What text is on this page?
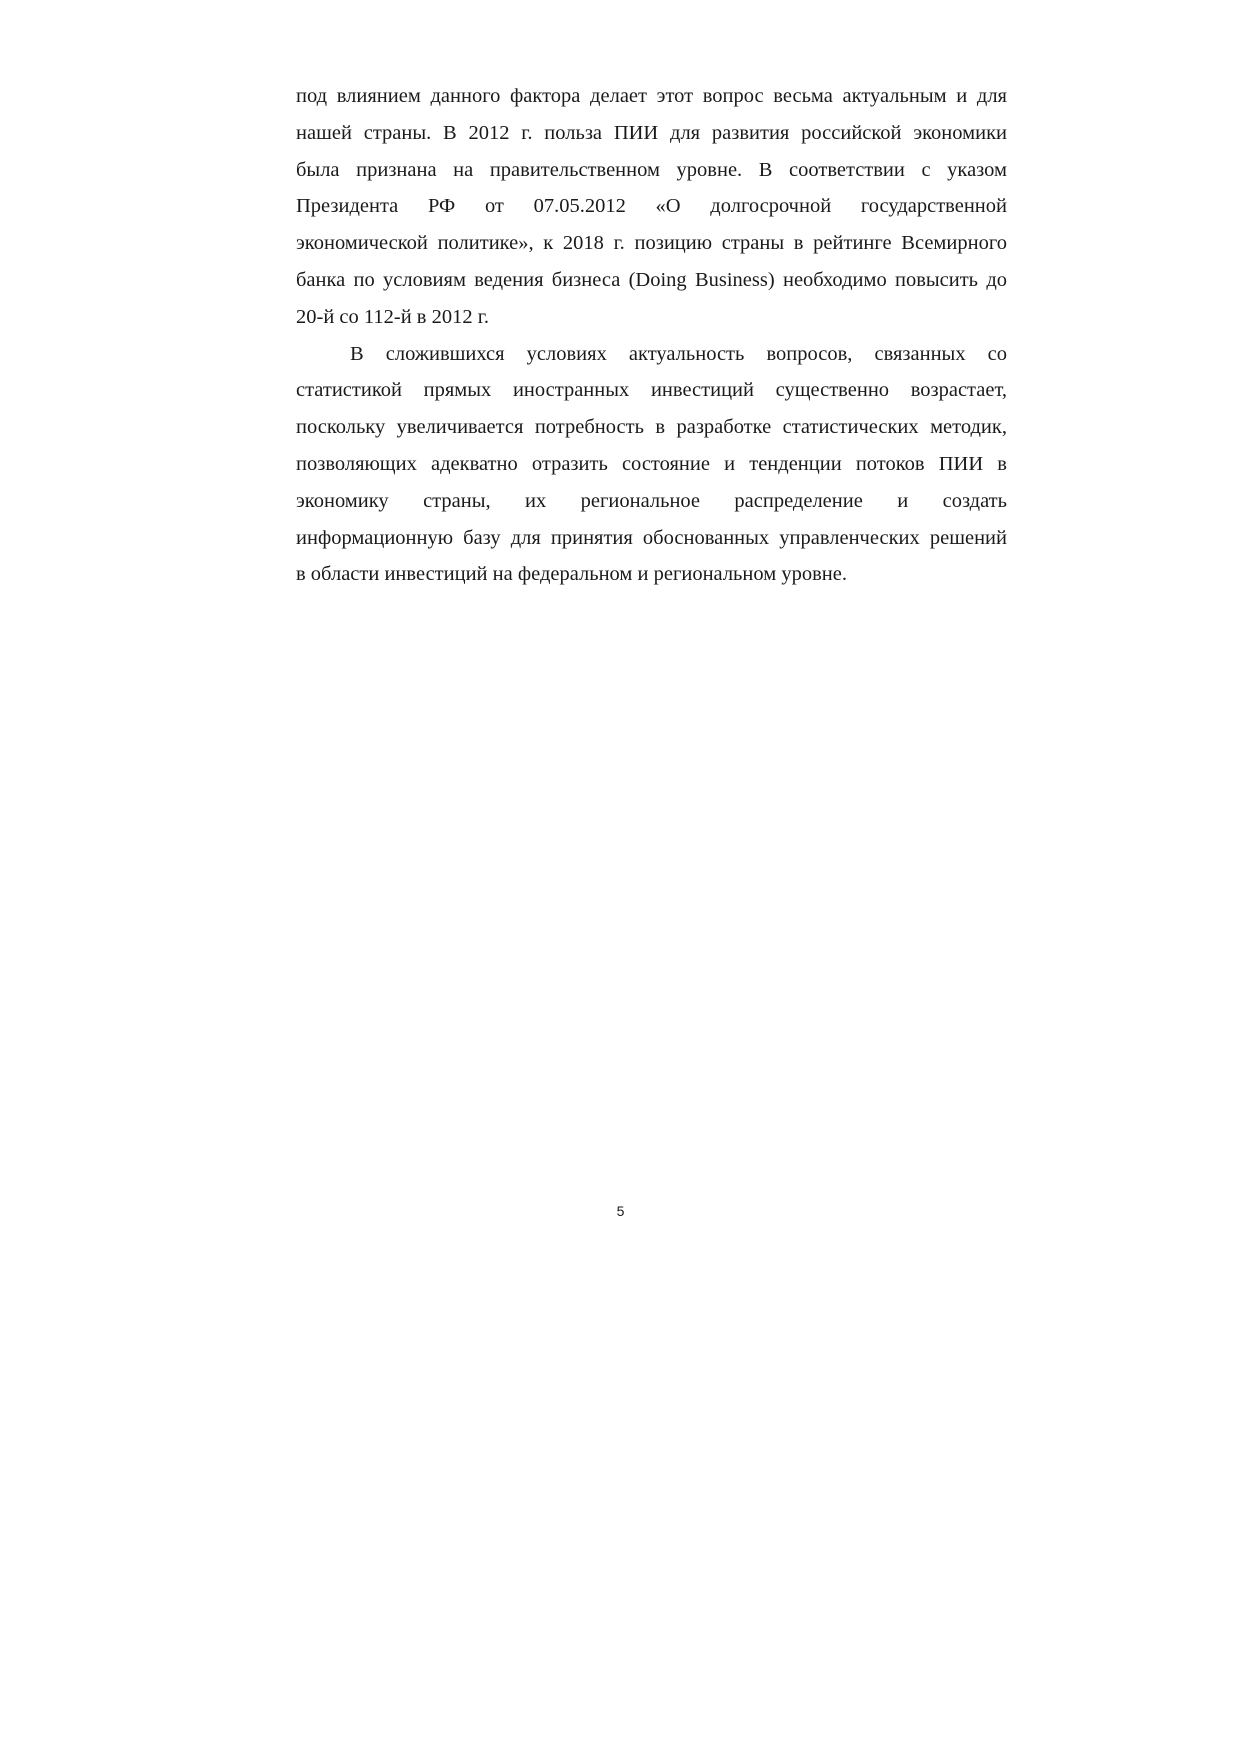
под влиянием данного фактора делает этот вопрос весьма актуальным и для
нашей страны. В 2012 г. польза ПИИ для развития российской экономики
была признана на правительственном уровне. В соответствии с указом
Президента РФ от 07.05.2012 «О долгосрочной государственной
экономической политике», к 2018 г. позицию страны в рейтинге Всемирного
банка по условиям ведения бизнеса (Doing Business) необходимо повысить до
20-й со 112-й в 2012 г.
В сложившихся условиях актуальность вопросов, связанных со
статистикой прямых иностранных инвестиций существенно возрастает,
поскольку увеличивается потребность в разработке статистических методик,
позволяющих адекватно отразить состояние и тенденции потоков ПИИ в
экономику страны, их региональное распределение и создать
информационную базу для принятия обоснованных управленческих решений
в области инвестиций на федеральном и региональном уровне.
5
